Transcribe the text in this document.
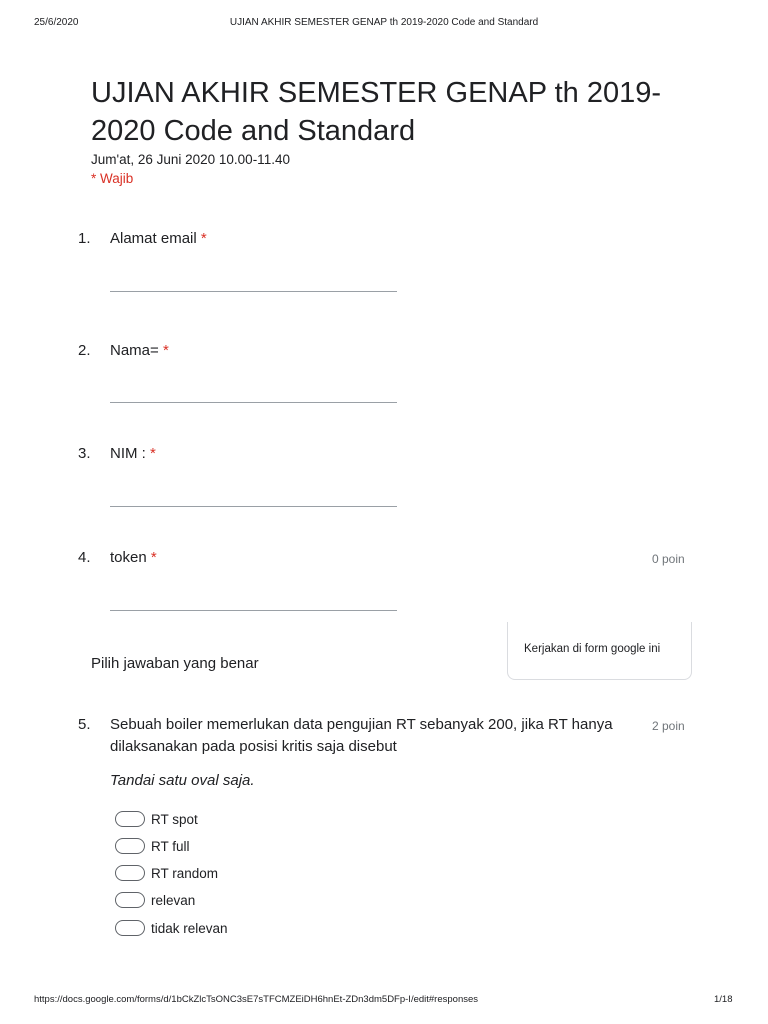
25/6/2020	UJIAN AKHIR SEMESTER GENAP th 2019-2020 Code and Standard
UJIAN AKHIR SEMESTER GENAP th 2019-
2020 Code and Standard
Jum'at, 26 Juni 2020 10.00-11.40
* Wajib
1. Alamat email *
2. Nama= *
3. NIM : *
4. token *	0 poin
Kerjakan di form google ini
Pilih jawaban yang benar
5. Sebuah boiler memerlukan data pengujian RT sebanyak 200, jika RT hanya dilaksanakan pada posisi kritis saja disebut
2 poin
Tandai satu oval saja.
RT spot
RT full
RT random
relevan
tidak relevan
https://docs.google.com/forms/d/1bCkZlcTsONC3sE7sTFCMZEiDH6hnEt-ZDn3dm5DFp-I/edit#responses	1/18
